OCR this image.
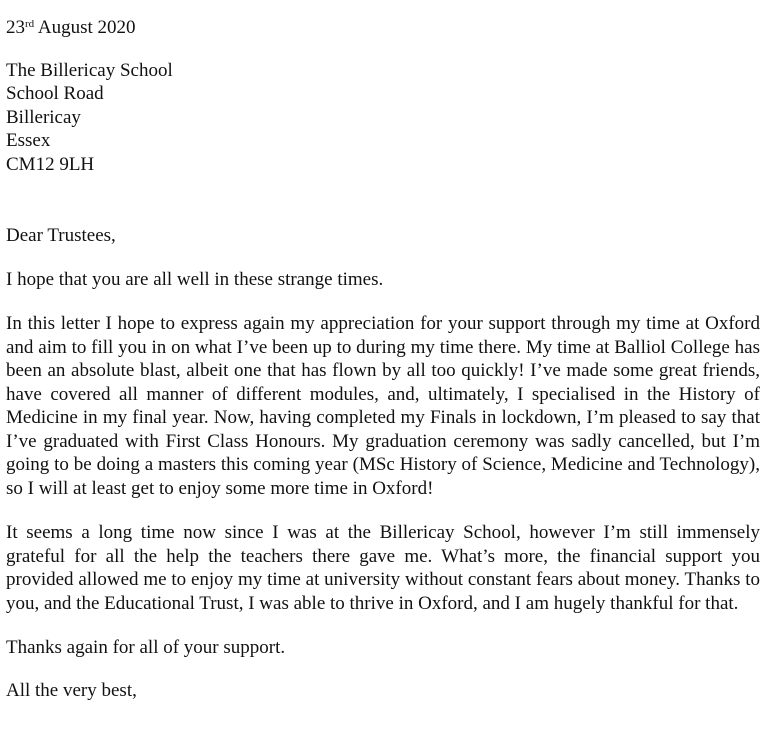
23rd August 2020
The Billericay School
School Road
Billericay
Essex
CM12 9LH
Dear Trustees,

I hope that you are all well in these strange times.

In this letter I hope to express again my appreciation for your support through my time at Oxford and aim to fill you in on what I’ve been up to during my time there. My time at Balliol College has been an absolute blast, albeit one that has flown by all too quickly! I’ve made some great friends, have covered all manner of different modules, and, ultimately, I specialised in the History of Medicine in my final year. Now, having completed my Finals in lockdown, I’m pleased to say that I’ve graduated with First Class Honours. My graduation ceremony was sadly cancelled, but I’m going to be doing a masters this coming year (MSc History of Science, Medicine and Technology), so I will at least get to enjoy some more time in Oxford!

It seems a long time now since I was at the Billericay School, however I’m still immensely grateful for all the help the teachers there gave me. What’s more, the financial support you provided allowed me to enjoy my time at university without constant fears about money. Thanks to you, and the Educational Trust, I was able to thrive in Oxford, and I am hugely thankful for that.

Thanks again for all of your support.

All the very best,
